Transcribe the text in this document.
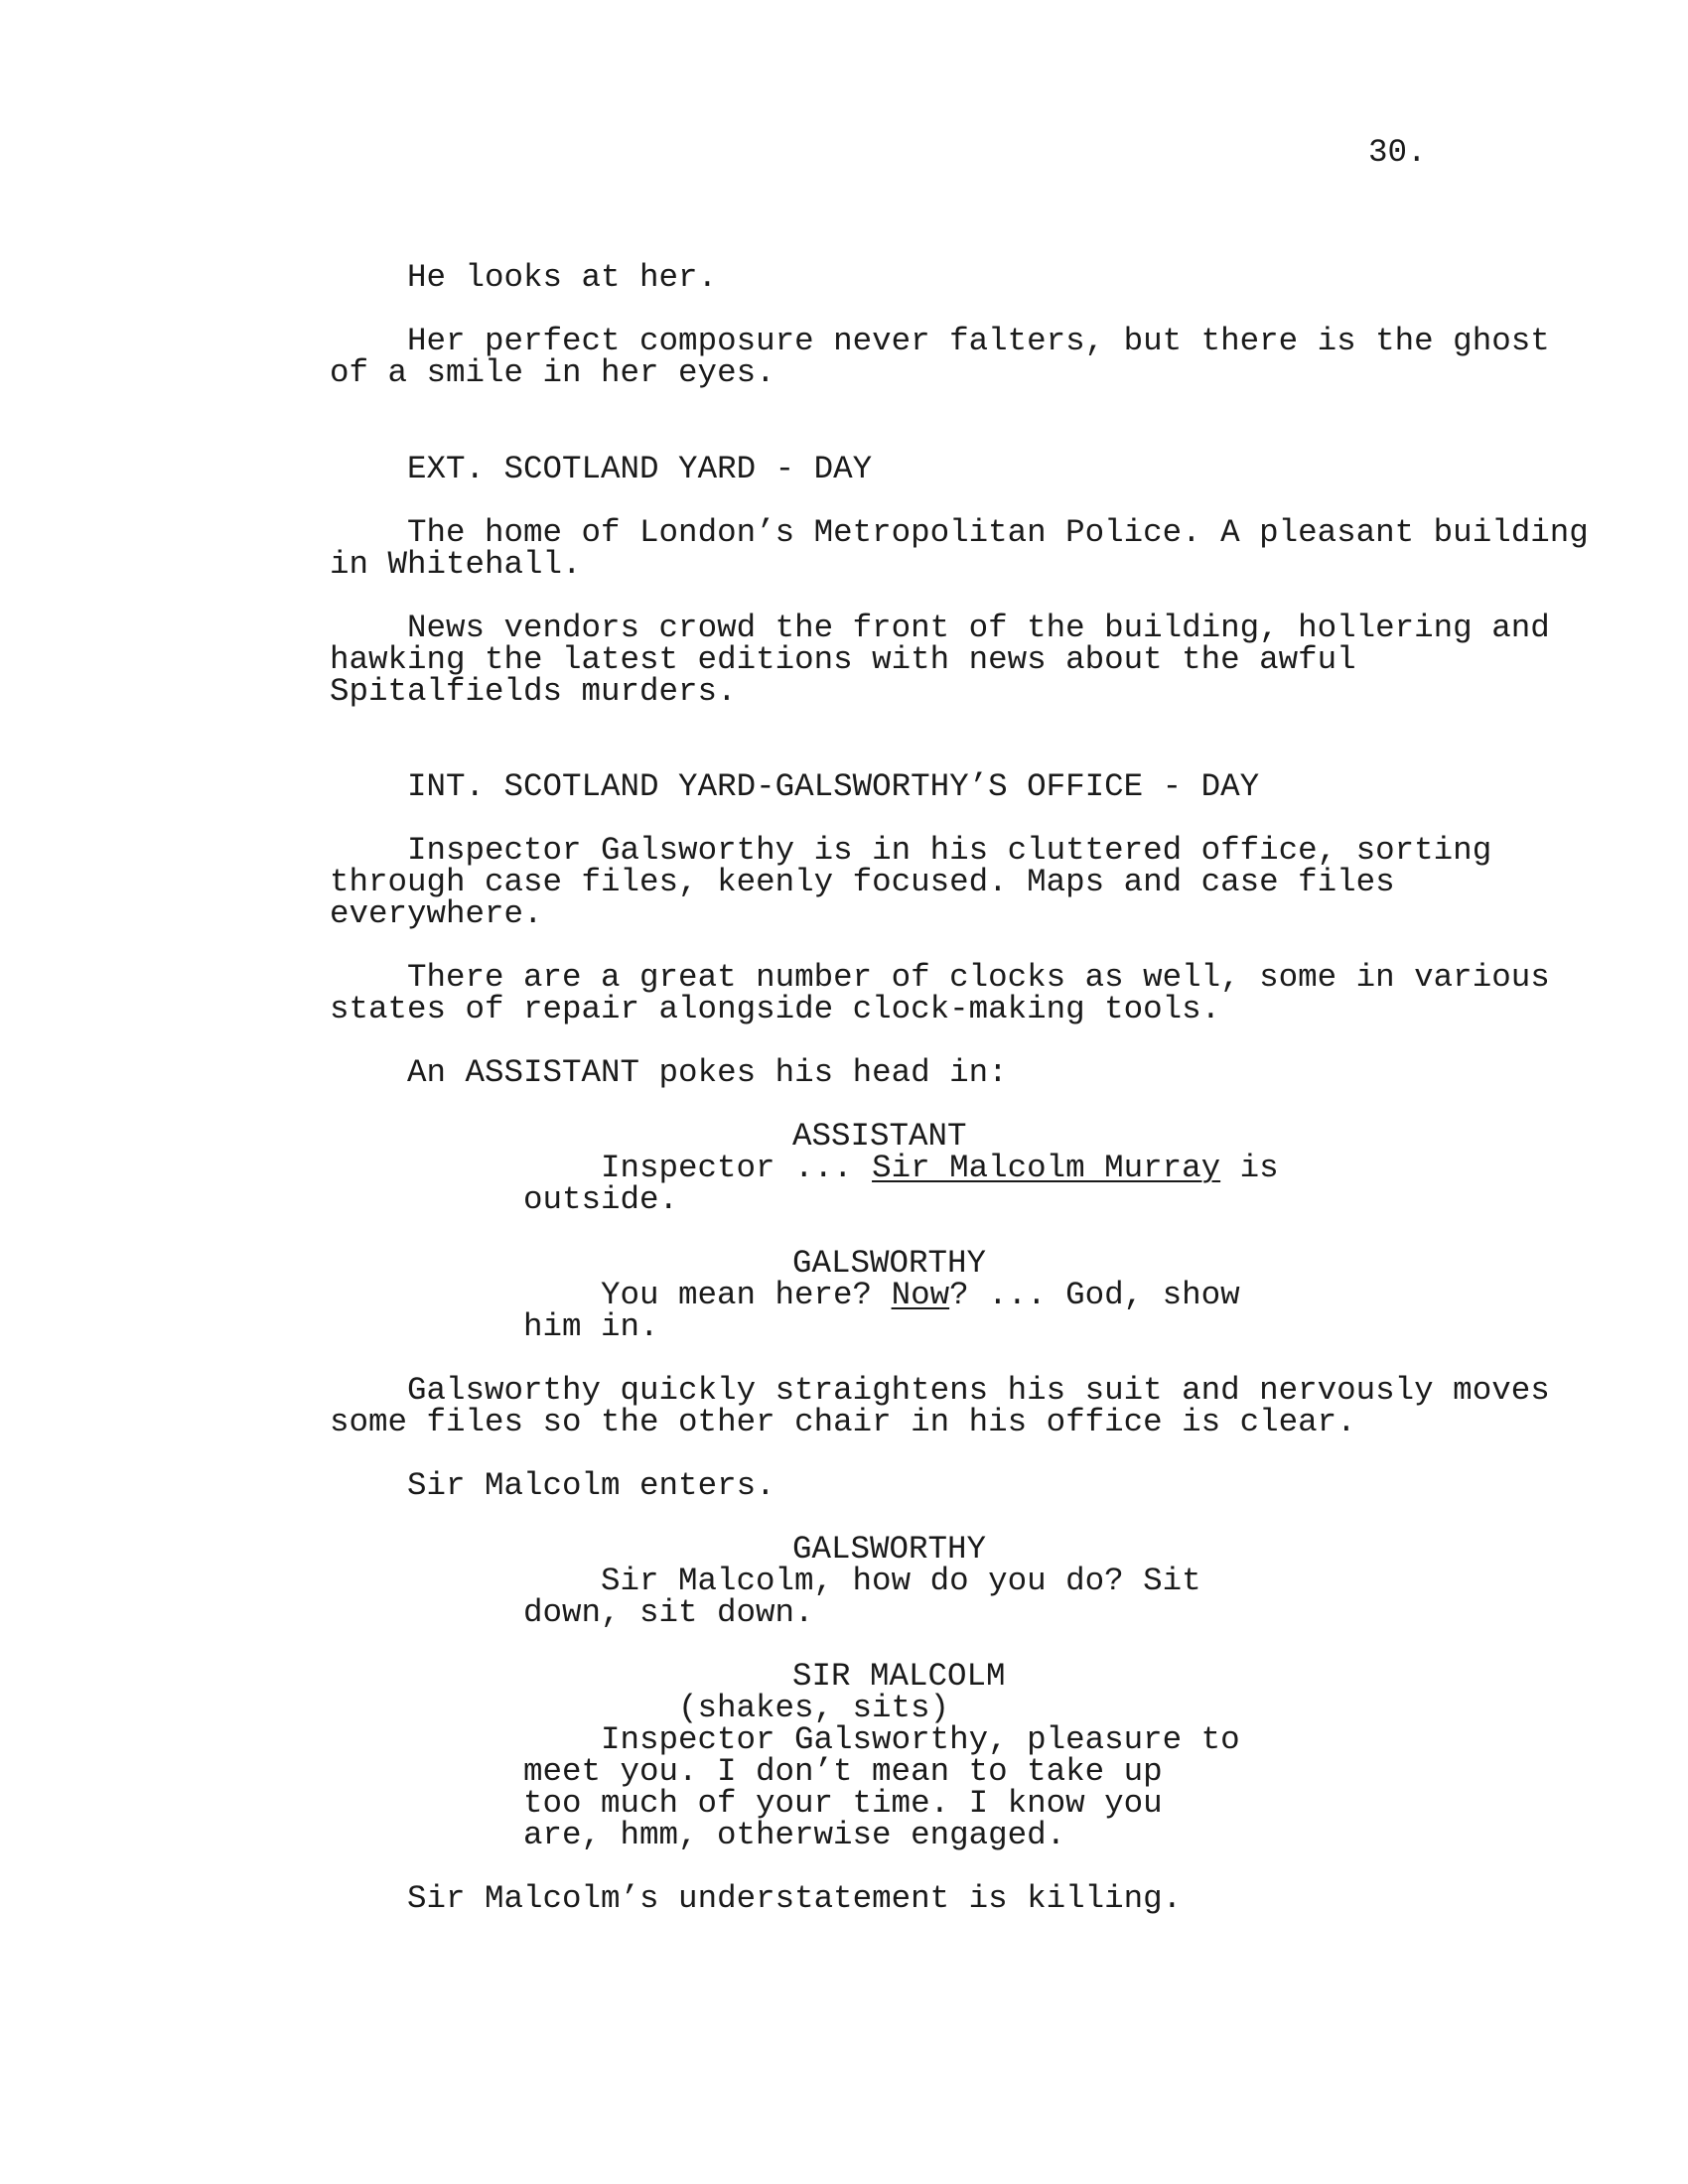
30.

He looks at her.

Her perfect composure never falters, but there is the ghost
of a smile in her eyes.

EXT. SCOTLAND YARD - DAY

The home of London’s Metropolitan Police. A pleasant building
in Whitehall.

News vendors crowd the front of the building, hollering and
hawking the latest editions with news about the awful
Spitalfields murders.

INT. SCOTLAND YARD-GALSWORTHY’S OFFICE - DAY

Inspector Galsworthy is in his cluttered office, sorting
through case files, keenly focused. Maps and case files
everywhere.

There are a great number of clocks as well, some in various
states of repair alongside clock-making tools.

An ASSISTANT pokes his head in:

ASSISTANT

Inspector ... Sir Malcolm Murray is
outside.

GALSWORTHY

You mean here? Now? ... God, show
him in.

Galsworthy quickly straightens his suit and nervously moves
some files so the other chair in his office is clear.

Sir Malcolm enters.

GALSWORTHY

Sir Malcolm, how do you do? Sit
down, sit down.

SIR MALCOLM

(shakes, sits)

Inspector Galsworthy, pleasure to
meet you. I don’t mean to take up
too much of your time. I know you
are, hmm, otherwise engaged.

Sir Malcolm’s understatement is killing.
